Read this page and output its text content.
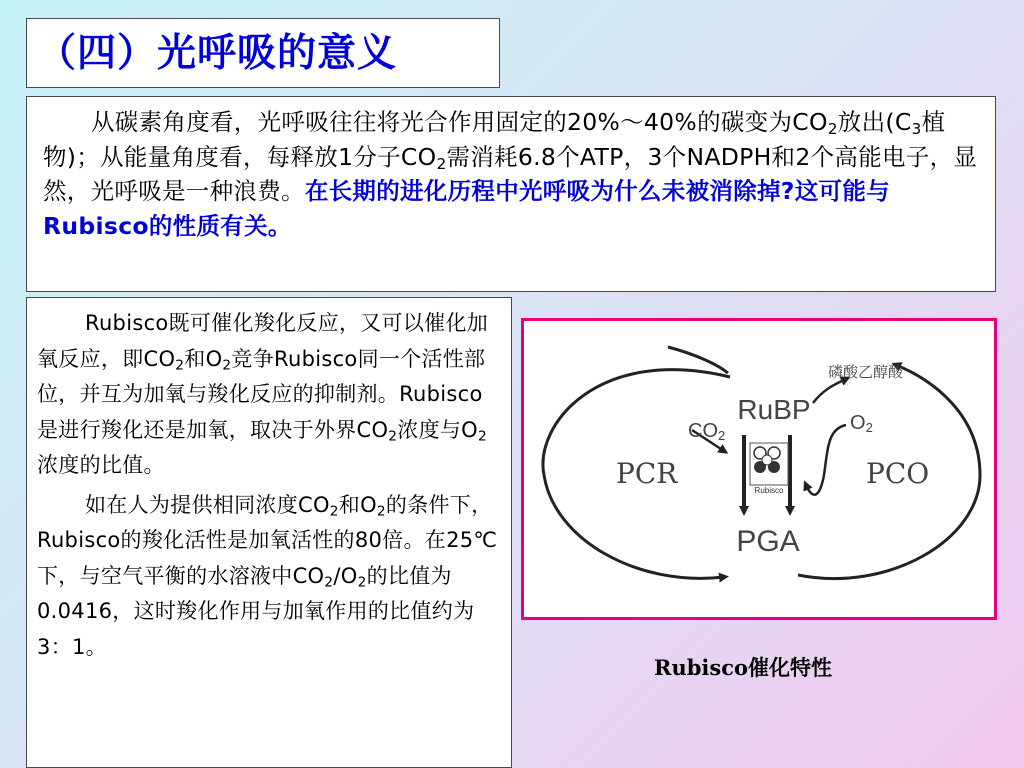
（四）光呼吸的意义

从碳素角度看，光呼吸往往将光合作用固定的20%～40%的碳变为$CO_2$放出($C_3$植物)；从能量角度看，每释放1分子$CO_2$需消耗6.8个ATP，3个NADPH和2个高能电子，显然，光呼吸是一种浪费。在长期的进化历程中光呼吸为什么未被消除掉?这可能与Rubisco的性质有关。

Rubisco既可催化羧化反应，又可以催化加氧反应，即$CO_2$和$O_2$竞争Rubisco同一个活性部位，并互为加氧与羧化反应的抑制剂。Rubisco是进行羧化还是加氧，取决于外界$CO_2$浓度与$O_2$浓度的比值。

如在人为提供相同浓度$CO_2$和$O_2$的条件下，Rubisco的羧化活性是加氧活性的80倍。在25℃下，与空气平衡的水溶液中$CO_2/O_2$的比值为0.0416，这时羧化作用与加氧作用的比值约为3：1。

Rubisco
RuBP
CO2
O2
磷酸乙醇酸
PCR	PCO
PGA

Rubisco催化特性
